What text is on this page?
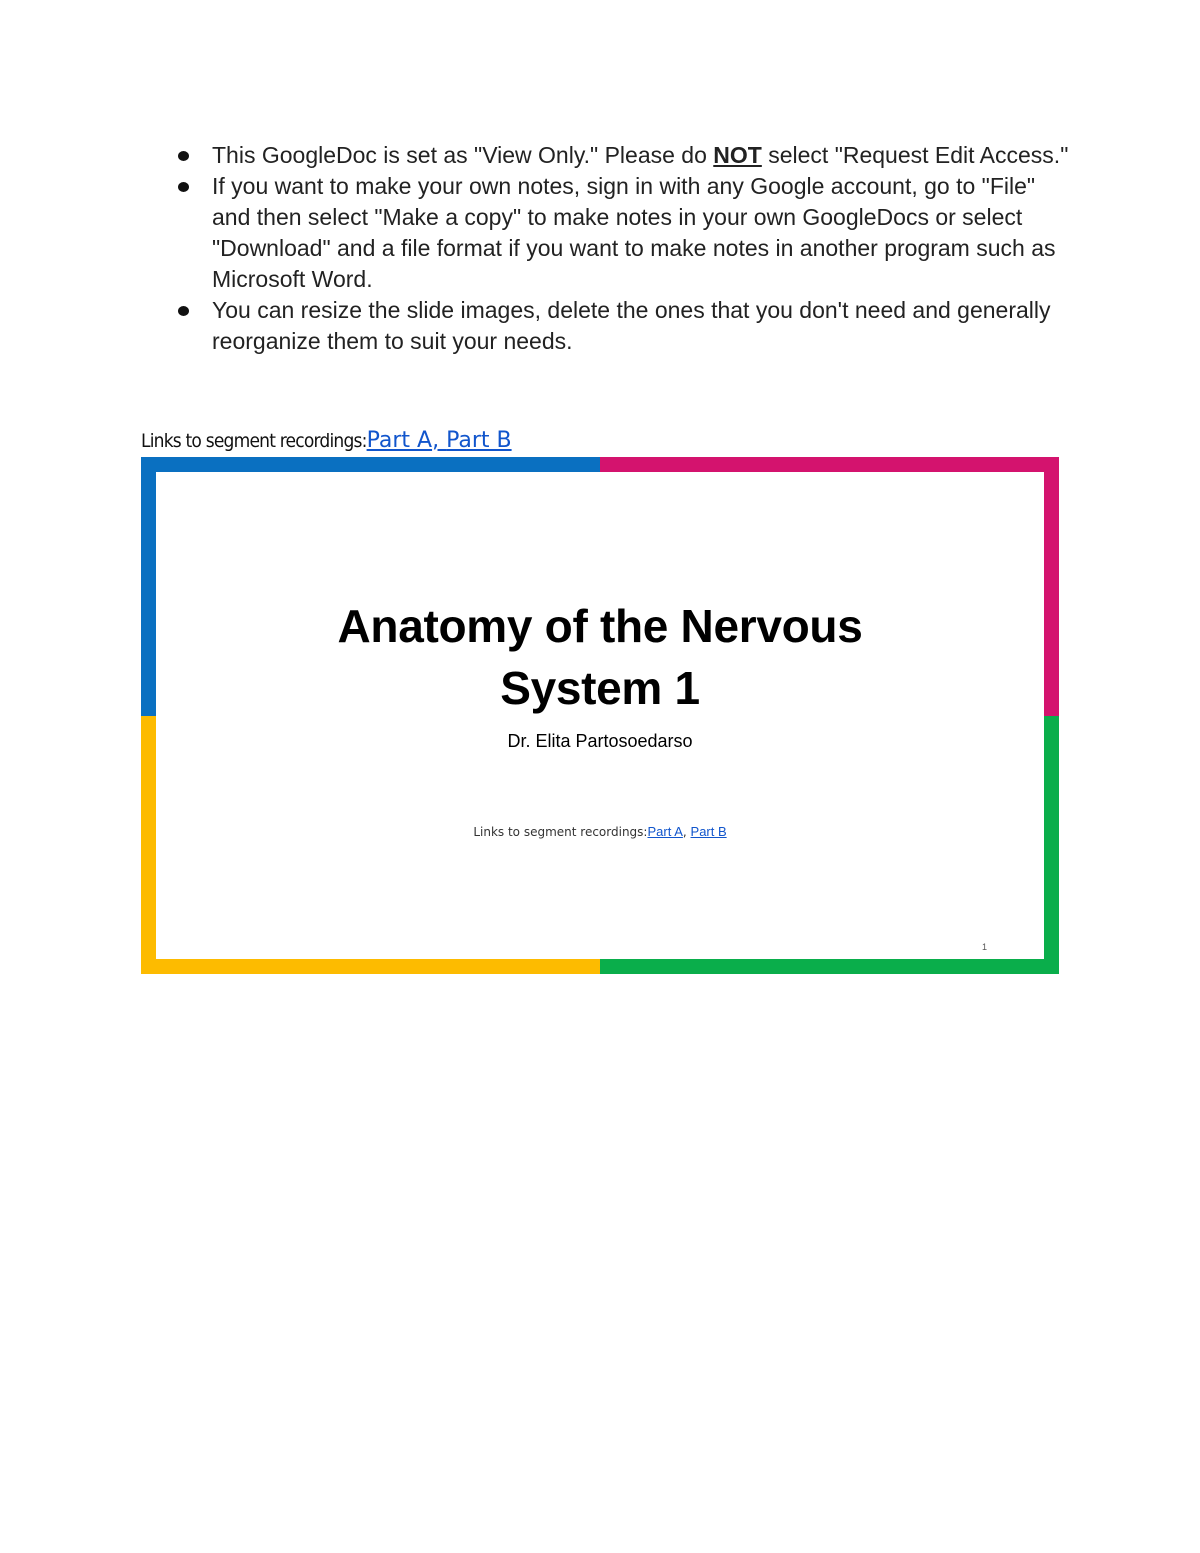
This GoogleDoc is set as "View Only." Please do NOT select "Request Edit Access."
If you want to make your own notes, sign in with any Google account, go to "File" and then select "Make a copy" to make notes in your own GoogleDocs or select "Download" and a file format if you want to make notes in another program such as Microsoft Word.
You can resize the slide images, delete the ones that you don't need and generally reorganize them to suit your needs.
Links to segment recordings:Part A, Part B
Anatomy of the Nervous
System 1
Dr. Elita Partosoedarso
Links to segment recordings:Part A, Part B
1
